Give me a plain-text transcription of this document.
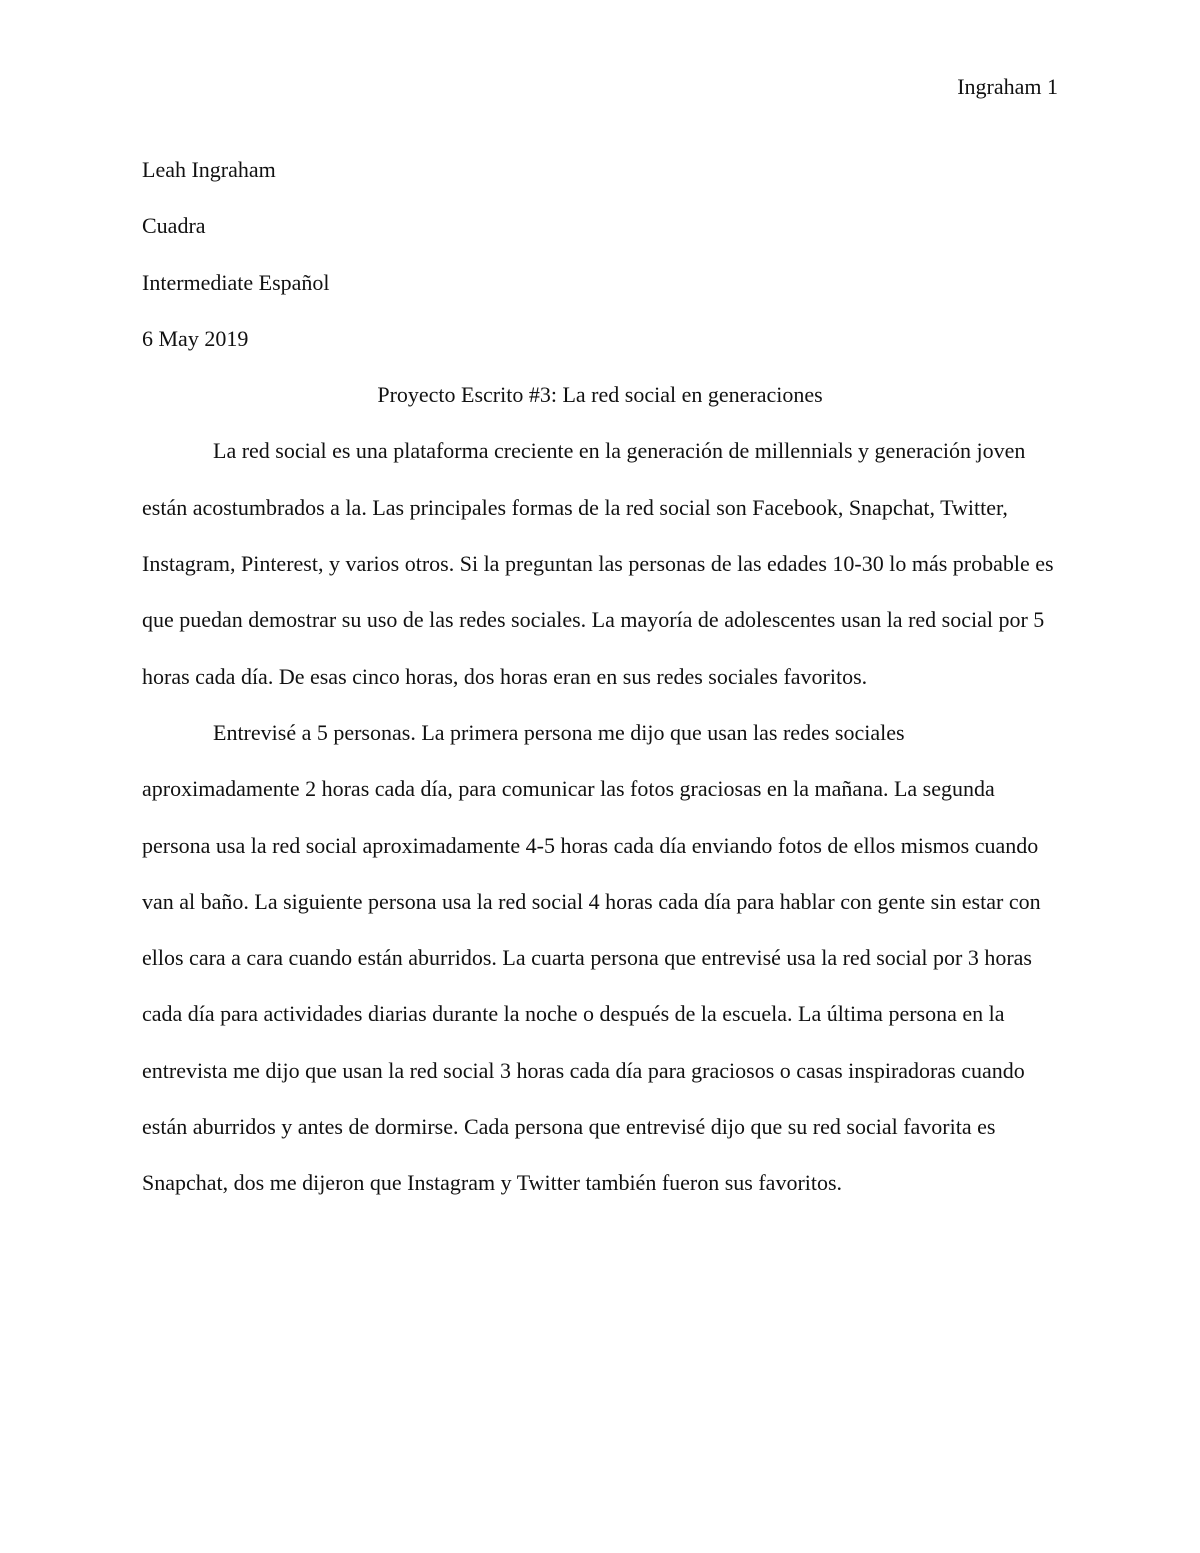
Ingraham 1

Leah Ingraham

Cuadra

Intermediate Español

6 May 2019

Proyecto Escrito #3: La red social en generaciones

La red social es una plataforma creciente en la generación de millennials y generación joven están acostumbrados a la. Las principales formas de la red social son Facebook, Snapchat, Twitter, Instagram, Pinterest, y varios otros. Si la preguntan las personas de las edades 10-30 lo más probable es que puedan demostrar su uso de las redes sociales. La mayoría de adolescentes usan la red social por 5 horas cada día. De esas cinco horas, dos horas eran en sus redes sociales favoritos.

Entrevisé a 5 personas. La primera persona me dijo que usan las redes sociales aproximadamente 2 horas cada día, para comunicar las fotos graciosas en la mañana. La segunda persona usa la red social aproximadamente 4-5 horas cada día enviando fotos de ellos mismos cuando van al baño. La siguiente persona usa la red social 4 horas cada día para hablar con gente sin estar con ellos cara a cara cuando están aburridos. La cuarta persona que entrevisé usa la red social por 3 horas cada día para actividades diarias durante la noche o después de la escuela. La última persona en la entrevista me dijo que usan la red social 3 horas cada día para graciosos o casas inspiradoras cuando están aburridos y antes de dormirse. Cada persona que entrevisé dijo que su red social favorita es Snapchat, dos me dijeron que Instagram y Twitter también fueron sus favoritos.
